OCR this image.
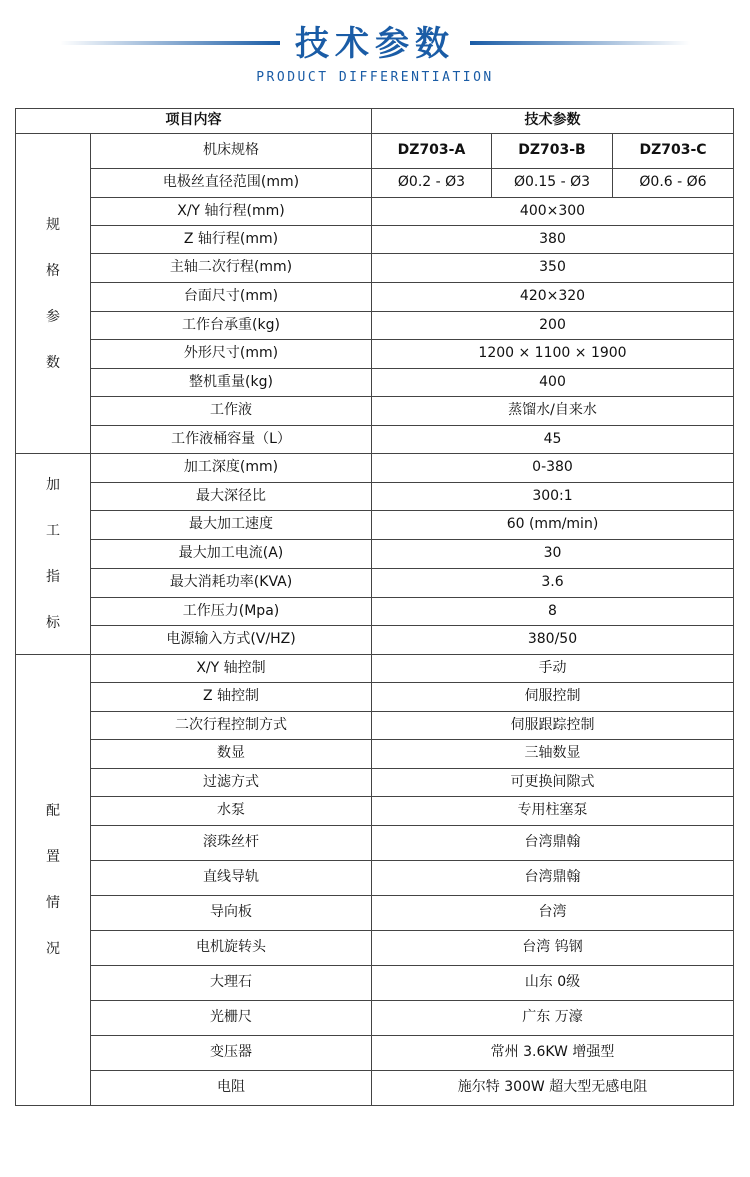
技术参数
PRODUCT DIFFERENTIATION
项目内容		技术参数		

规
格
参
数	机床规格	DZ703-A	DZ703-B	DZ703-C
	电极丝直径范围(mm)	Ø0.2 - Ø3	Ø0.15 - Ø3	Ø0.6 - Ø6
	X/Y 轴行程(mm)	400×300		
	Z 轴行程(mm)	380		
	主轴二次行程(mm)	350		
	台面尺寸(mm)	420×320		
	工作台承重(kg)	200		
	外形尺寸(mm)	1200 × 1100 × 1900		
	整机重量(kg)	400		
	工作液	蒸馏水/自来水		
	工作液桶容量（L）	45		

加
工
指
标	加工深度(mm)	0-380		
	最大深径比	300:1		
	最大加工速度	60 (mm/min)		
	最大加工电流(A)	30		
	最大消耗功率(KVA)	3.6		
	工作压力(Mpa)	8		
	电源输入方式(V/HZ)	380/50		

配
置
情
况	X/Y 轴控制	手动		
	Z 轴控制	伺服控制		
	二次行程控制方式	伺服跟踪控制		
	数显	三轴数显		
	过滤方式	可更换间隙式		
	水泵	专用柱塞泵		
	滚珠丝杆	台湾鼎翰		
	直线导轨	台湾鼎翰		
	导向板	台湾		
	电机旋转头	台湾 钨钢		
	大理石	山东 0级		
	光栅尺	广东 万濠		
	变压器	常州 3.6KW 增强型		
	电阻	施尔特 300W 超大型无感电阻		
